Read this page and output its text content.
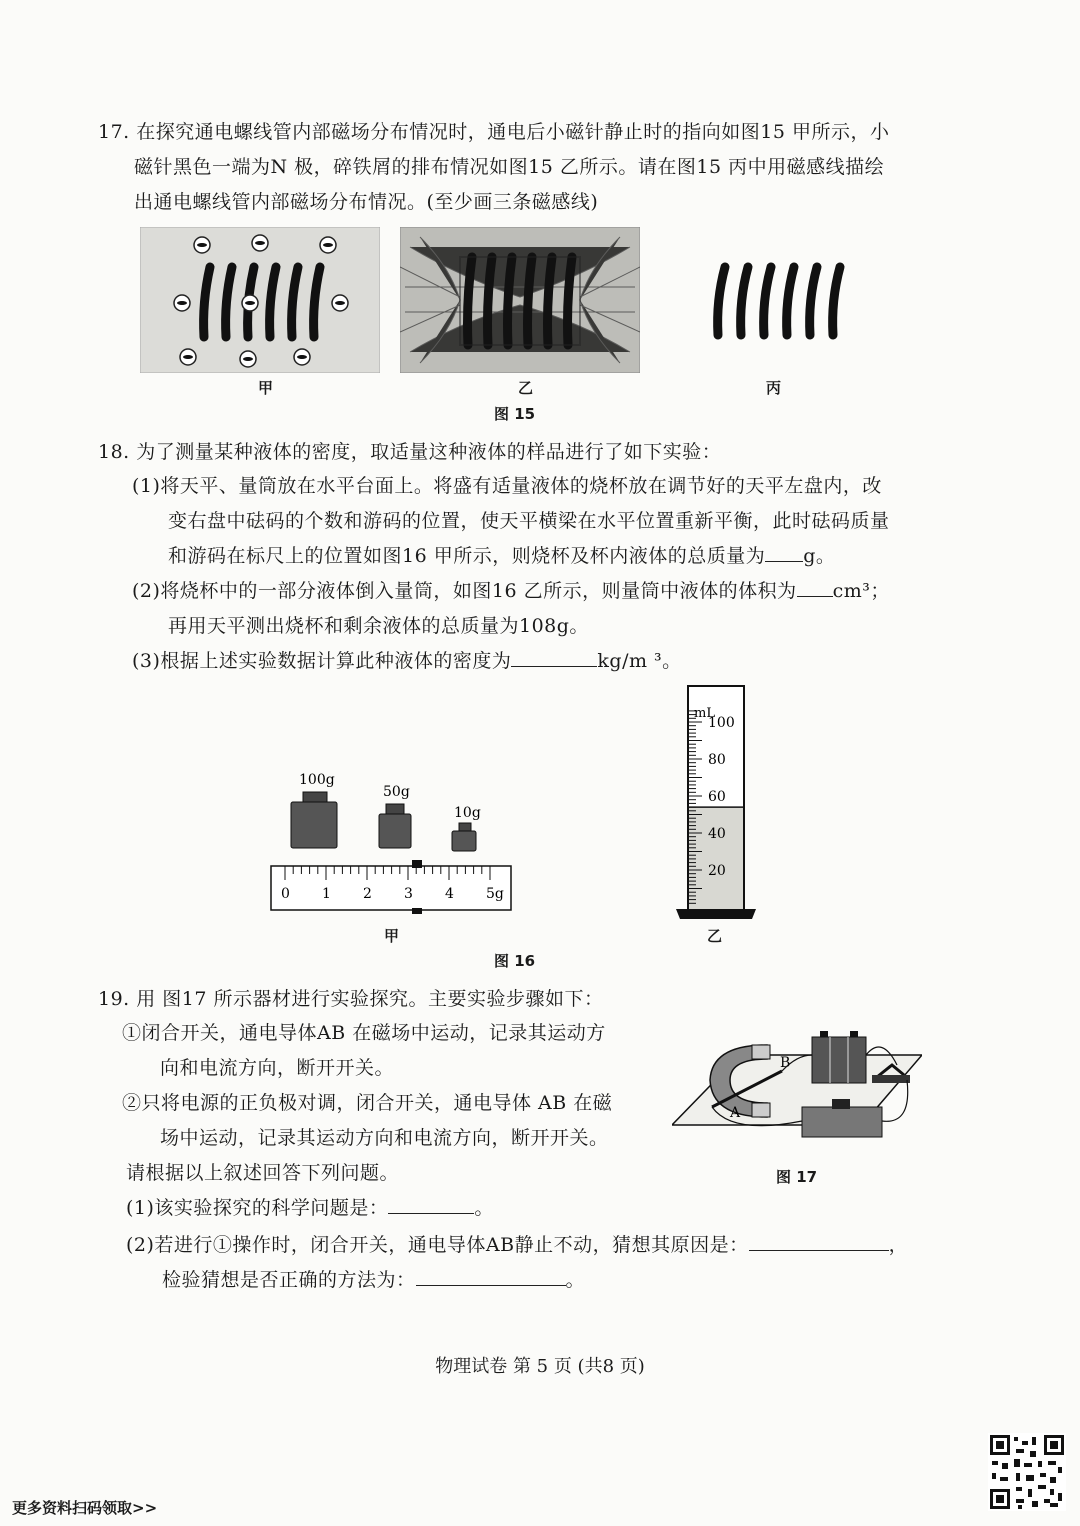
17. 在探究通电螺线管内部磁场分布情况时，通电后小磁针静止时的指向如图15 甲所示，小
磁针黑色一端为N 极，碎铁屑的排布情况如图15 乙所示。请在图15 丙中用磁感线描绘
出通电螺线管内部磁场分布情况。(至少画三条磁感线)
甲	乙	丙
图 15
18. 为了测量某种液体的密度，取适量这种液体的样品进行了如下实验：
(1)将天平、量筒放在水平台面上。将盛有适量液体的烧杯放在调节好的天平左盘内，改
变右盘中砝码的个数和游码的位置，使天平横梁在水平位置重新平衡，此时砝码质量
和游码在标尺上的位置如图16 甲所示，则烧杯及杯内液体的总质量为 g。
(2)将烧杯中的一部分液体倒入量筒，如图16 乙所示，则量筒中液体的体积为 cm³；
再用天平测出烧杯和剩余液体的总质量为108g。
(3)根据上述实验数据计算此种液体的密度为	kg/m ³。
100g
50g
10g
0 1 2 3 4 5g
100
80
60
40
20
mL
甲	乙
图 16
19. 用 图17 所示器材进行实验探究。主要实验步骤如下：
①闭合开关，通电导体AB 在磁场中运动，记录其运动方
向和电流方向，断开开关。
②只将电源的正负极对调，闭合开关，通电导体 AB 在磁
场中运动，记录其运动方向和电流方向，断开开关。
请根据以上叙述回答下列问题。
(1)该实验探究的科学问题是：	。
(2)若进行①操作时，闭合开关，通电导体AB静止不动，猜想其原因是：	，
检验猜想是否正确的方法为：	。
A
B
图 17
物理试卷 第 5 页 (共8 页)
更多资料扫码领取>>
